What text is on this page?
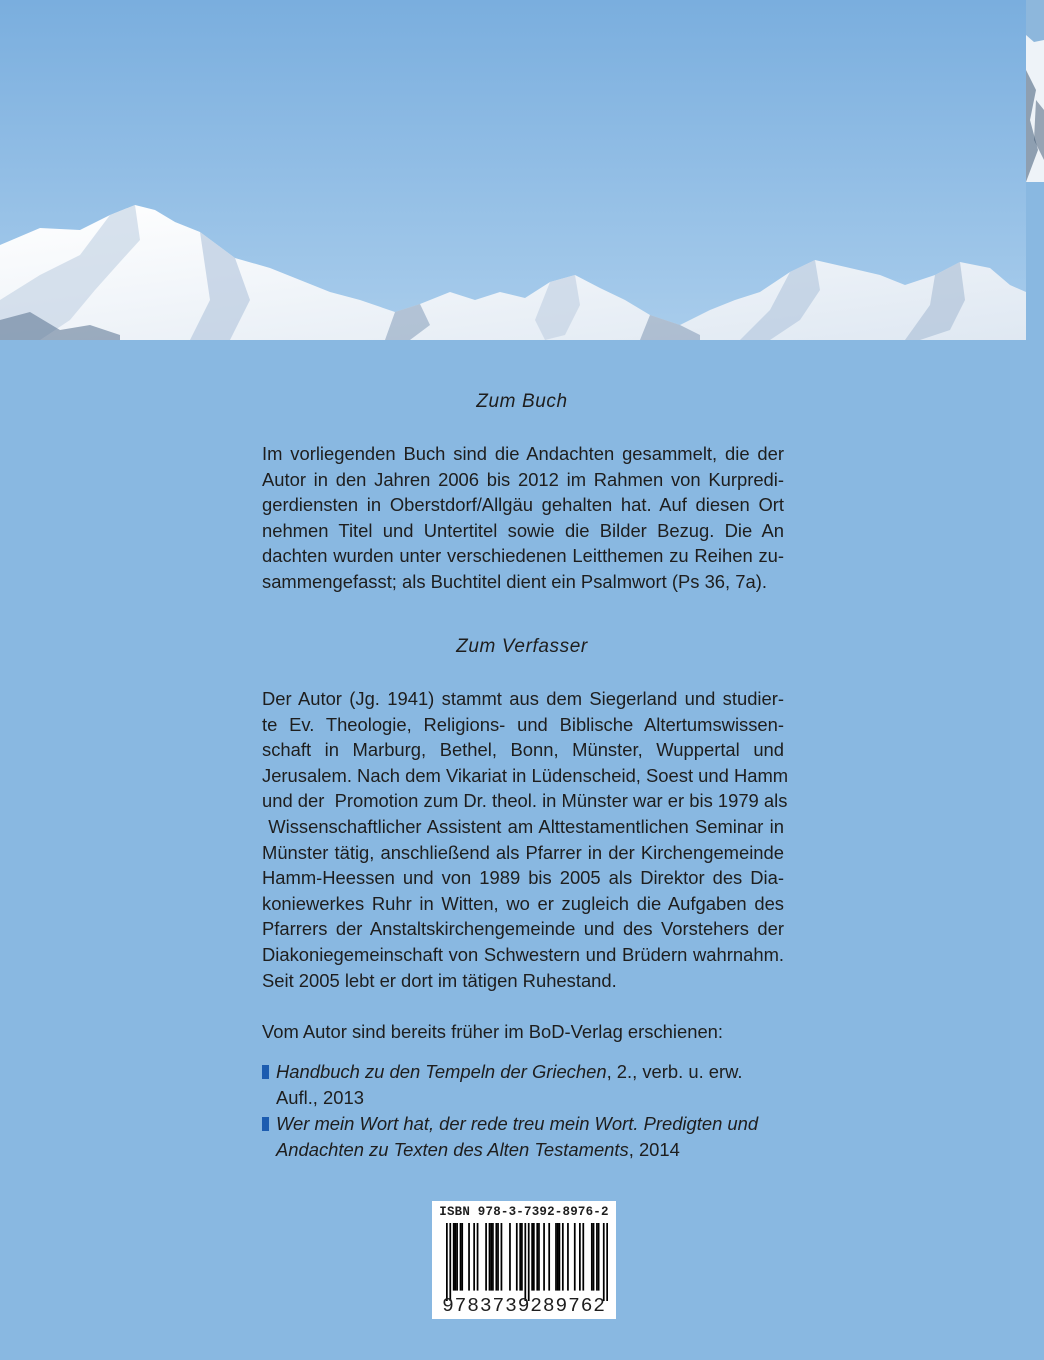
Zum Buch
Im vorliegenden Buch sind die Andachten gesammelt, die der
Autor in den Jahren 2006 bis 2012 im Rahmen von Kurpredi-
gerdiensten in Oberstdorf/Allgäu gehalten hat. Auf diesen Ort
nehmen Titel und Untertitel sowie die Bilder Bezug. Die An
dachten wurden unter verschiedenen Leitthemen zu Reihen zu-
sammengefasst; als Buchtitel dient ein Psalmwort (Ps 36, 7a).
Zum Verfasser
Der Autor (Jg. 1941) stammt aus dem Siegerland und studier-
te Ev. Theologie, Religions- und Biblische Altertumswissen-
schaft in Marburg, Bethel, Bonn, Münster, Wuppertal und
Jerusalem. Nach dem Vikariat in Lüdenscheid, Soest und Hamm
und der  Promotion zum Dr. theol. in Münster war er bis 1979 als
Wissenschaftlicher Assistent am Alttestamentlichen Seminar in
Münster tätig, anschließend als Pfarrer in der Kirchengemeinde
Hamm-Heessen und von 1989 bis 2005 als Direktor des Dia-
koniewerkes Ruhr in Witten, wo er zugleich die Aufgaben des
Pfarrers der Anstaltskirchengemeinde und des Vorstehers der
Diakoniegemeinschaft von Schwestern und Brüdern wahrnahm.
Seit 2005 lebt er dort im tätigen Ruhestand.
Vom Autor sind bereits früher im BoD-Verlag erschienen:
Handbuch zu den Tempeln der Griechen, 2., verb. u. erw.
Aufl., 2013
Wer mein Wort hat, der rede treu mein Wort. Predigten und
Andachten zu Texten des Alten Testaments, 2014
ISBN 978-3-7392-8976-2
9783739289762
